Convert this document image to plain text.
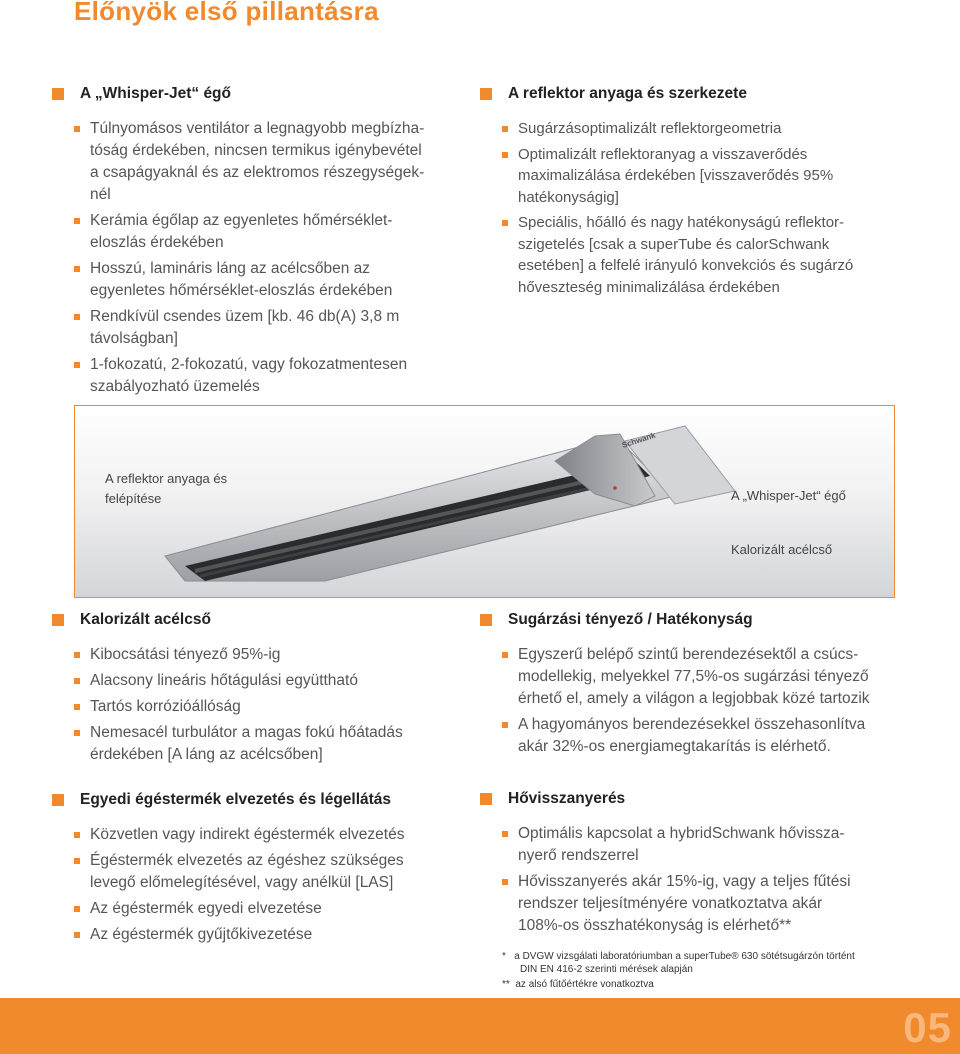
Előnyök első pillantásra
A „Whisper-Jet“ égő
Túlnyomásos ventilátor a legnagyobb megbízha-
tóság érdekében, nincsen termikus igénybevétel
a csapágyaknál és az elektromos részegységek-
nél
Kerámia égőlap az egyenletes hőmérséklet-
eloszlás érdekében
Hosszú, lamináris láng az acélcsőben az
egyenletes hőmérséklet-eloszlás érdekében
Rendkívül csendes üzem [kb. 46 db(A) 3,8 m
távolságban]
1-fokozatú, 2-fokozatú, vagy fokozatmentesen
szabályozható üzemelés
A reflektor anyaga és szerkezete
Sugárzásoptimalizált reflektorgeometria
Optimalizált reflektoranyag a visszaverődés
maximalizálása érdekében [visszaverődés 95%
hatékonyságig]
Speciális, hőálló és nagy hatékonyságú reflektor-
szigetelés [csak a superTube és calorSchwank
esetében] a felfelé irányuló konvekciós és sugárzó
hőveszteség minimalizálása érdekében
Schwank
A reflektor anyaga és
felépítése	A „Whisper-Jet“ égő
Kalorizált acélcső
Kalorizált acélcső
Kibocsátási tényező 95%-ig
Alacsony lineáris hőtágulási együttható
Tartós korrózióállóság
Nemesacél turbulátor a magas fokú hőátadás
érdekében [A láng az acélcsőben]
Sugárzási tényező / Hatékonyság
Egyszerű belépő szintű berendezésektől a csúcs-
modellekig, melyekkel 77,5%-os sugárzási tényező
érhető el, amely a világon a legjobbak közé tartozik
A hagyományos berendezésekkel összehasonlítva
akár 32%-os energiamegtakarítás is elérhető.
Egyedi égéstermék elvezetés és légellátás
Közvetlen vagy indirekt égéstermék elvezetés
Égéstermék elvezetés az égéshez szükséges
levegő előmelegítésével, vagy anélkül [LAS]
Az égéstermék egyedi elvezetése
Az égéstermék gyűjtőkivezetése
Hővisszanyerés
Optimális kapcsolat a hybridSchwank hővissza-
nyerő rendszerrel
Hővisszanyerés akár 15%-ig, vagy a teljes fűtési
rendszer teljesítményére vonatkoztatva akár
108%-os összhatékonyság is elérhető**
* a DVGW vizsgálati laboratóriumban a superTube® 630 sötétsugárzón történt
DIN EN 416-2 szerinti mérések alapján
** az alsó fűtőértékre vonatkoztva
05
